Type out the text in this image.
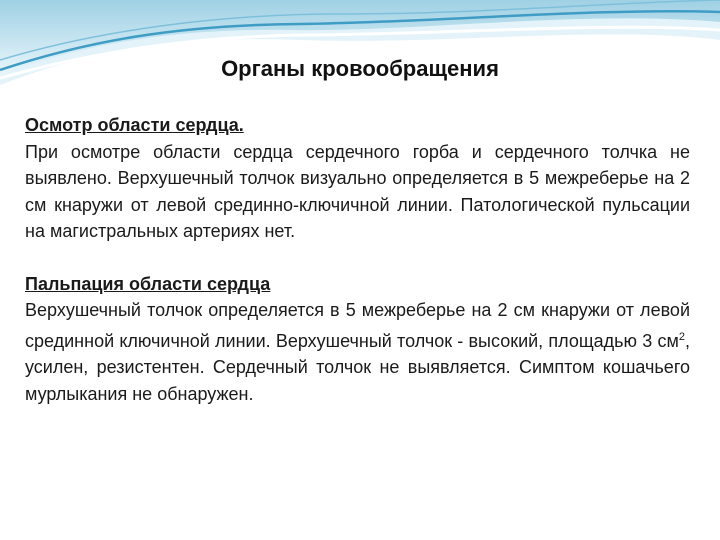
Органы кровообращения

Осмотр области сердца.
При осмотре области сердца сердечного горба и сердечного толчка не выявлено. Верхушечный толчок визуально определяется в 5 межреберье на 2 см кнаружи от левой срединно-ключичной линии. Патологической пульсации на магистральных артериях нет.

Пальпация области сердца
Верхушечный толчок определяется в 5 межреберье на 2 см кнаружи от левой срединной ключичной линии. Верхушечный толчок - высокий, площадью 3 $см^2$, усилен, резистентен. Сердечный толчок не выявляется. Симптом кошачьего мурлыкания не обнаружен.
